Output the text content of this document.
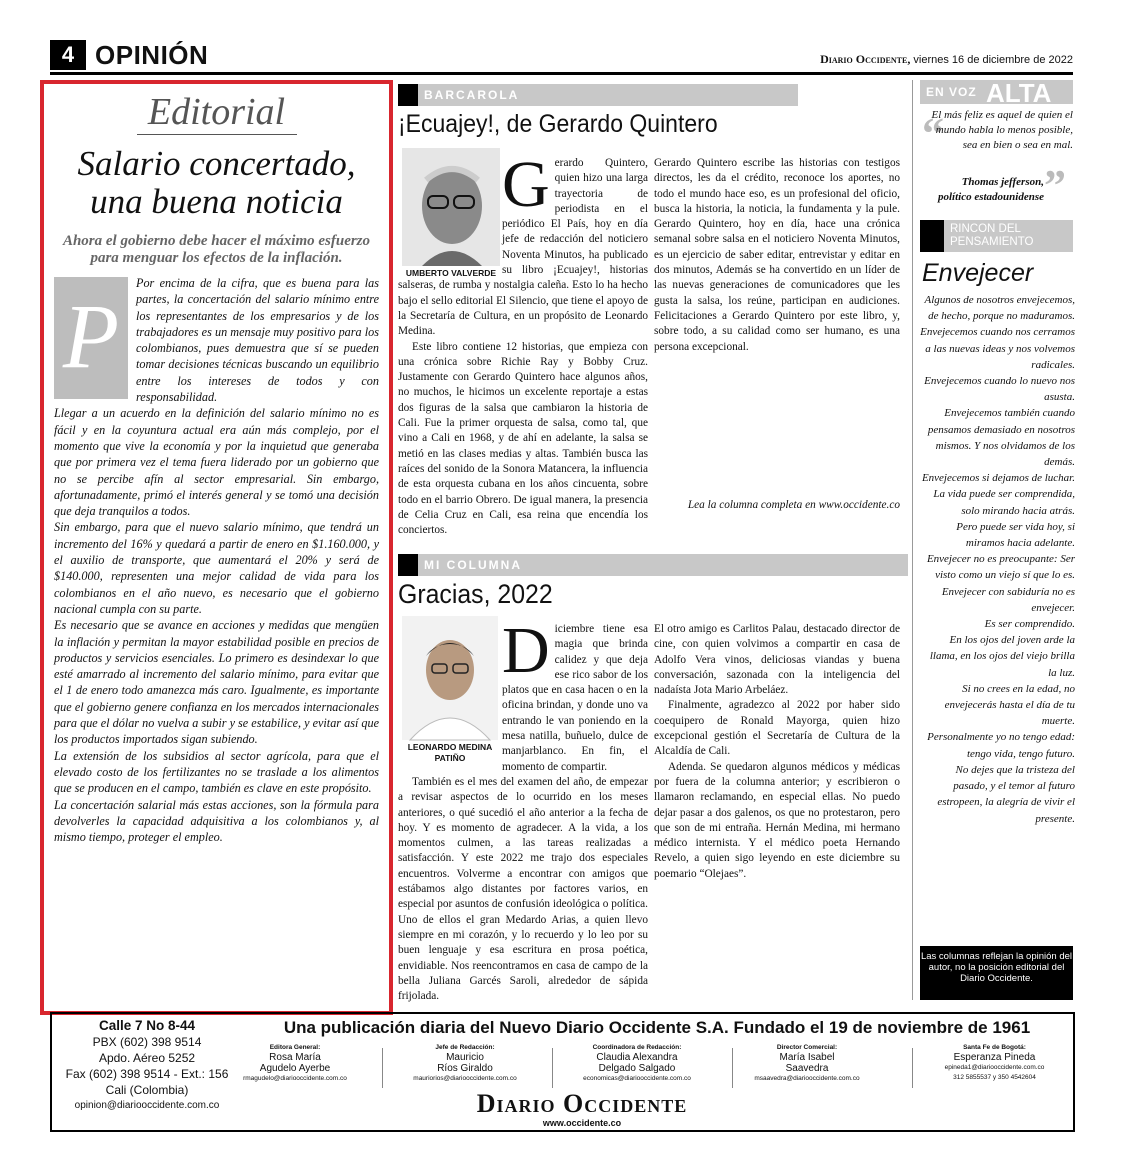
4 OPINIÓN	Diario Occidente, viernes 16 de diciembre de 2022
Editorial
Salario concertado, una buena noticia
Ahora el gobierno debe hacer el máximo esfuerzo para menguar los efectos de la inflación.
P

Por encima de la cifra, que es buena para las partes, la concertación del salario mínimo entre los representantes de los empresarios y de los trabajadores es un mensaje muy positivo para los colombianos, pues demuestra que sí se pueden tomar decisiones técnicas buscando un equilibrio entre los intereses de todos y con responsabilidad.

Llegar a un acuerdo en la definición del salario mínimo no es fácil y en la coyuntura actual era aún más complejo, por el momento que vive la economía y por la inquietud que generaba que por primera vez el tema fuera liderado por un gobierno que no se percibe afín al sector empresarial. Sin embargo, afortunadamente, primó el interés general y se tomó una decisión que deja tranquilos a todos.

Sin embargo, para que el nuevo salario mínimo, que tendrá un incremento del 16% y quedará a partir de enero en $1.160.000, y el auxilio de transporte, que aumentará el 20% y será de $140.000, representen una mejor calidad de vida para los colombianos en el año nuevo, es necesario que el gobierno nacional cumpla con su parte.

Es necesario que se avance en acciones y medidas que mengüen la inflación y permitan la mayor estabilidad posible en precios de productos y servicios esenciales. Lo primero es desindexar lo que esté amarrado al incremento del salario mínimo, para evitar que el 1 de enero todo amanezca más caro. Igualmente, es importante que el gobierno genere confianza en los mercados internacionales para que el dólar no vuelva a subir y se estabilice, y evitar así que los productos importados sigan subiendo.

La extensión de los subsidios al sector agrícola, para que el elevado costo de los fertilizantes no se traslade a los alimentos que se producen en el campo, también es clave en este propósito.

La concertación salarial más estas acciones, son la fórmula para devolverles la capacidad adquisitiva a los colombianos y, al mismo tiempo, proteger el empleo.

BARCAROLA
¡Ecuajey!, de Gerardo Quintero
UMBERTO VALVERDE
G erardo Quintero, quien hizo una larga trayectoria de periodista en el periódico El País, hoy en día jefe de redacción del noticiero Noventa Minutos, ha publicado su libro ¡Ecuajey!, historias salseras, de rumba y nostalgia caleña. Esto lo ha hecho bajo el sello editorial El Silencio, que tiene el apoyo de la Secretaría de Cultura, en un propósito de Leonardo Medina.

Este libro contiene 12 historias, que empieza con una crónica sobre Richie Ray y Bobby Cruz. Justamente con Gerardo Quintero hace algunos años, no muchos, le hicimos un excelente reportaje a estas dos figuras de la salsa que cambiaron la historia de Cali. Fue la primer orquesta de salsa, como tal, que vino a Cali en 1968, y de ahí en adelante, la salsa se metió en las clases medias y altas. También busca las raíces del sonido de la Sonora Matancera, la influencia de esta orquesta cubana en los años cincuenta, sobre todo en el barrio Obrero. De igual manera, la presencia de Celia Cruz en Cali, esa reina que encendía los conciertos.

Gerardo Quintero escribe las historias con testigos directos, les da el crédito, reconoce los aportes, no todo el mundo hace eso, es un profesional del oficio, busca la historia, la noticia, la fundamenta y la pule. Gerardo Quintero, hoy en día, hace una crónica semanal sobre salsa en el noticiero Noventa Minutos, es un ejercicio de saber editar, entrevistar y editar en dos minutos, Además se ha convertido en un líder de las nuevas generaciones de comunicadores que les gusta la salsa, los reúne, participan en audiciones. Felicitaciones a Gerardo Quintero por este libro, y, sobre todo, a su calidad como ser humano, es una persona excepcional.

Lea la columna completa en www.occidente.co
MI COLUMNA
Gracias, 2022
LEONARDO MEDINA PATIÑO
D iciembre tiene esa magia que brinda calidez y que deja ese rico sabor de los platos que en casa hacen o en la oficina brindan, y donde uno va entrando le van poniendo en la mesa natilla, buñuelo, dulce de manjarblanco. En fin, el momento de compartir.

También es el mes del examen del año, de empezar a revisar aspectos de lo ocurrido en los meses anteriores, o qué sucedió el año anterior a la fecha de hoy. Y es momento de agradecer. A la vida, a los momentos culmen, a las tareas realizadas a satisfacción. Y este 2022 me trajo dos especiales encuentros. Volverme a encontrar con amigos que estábamos algo distantes por factores varios, en especial por asuntos de confusión ideológica o política. Uno de ellos el gran Medardo Arias, a quien llevo siempre en mi corazón, y lo recuerdo y lo leo por su buen lenguaje y esa escritura en prosa poética, envidiable. Nos reencontramos en casa de campo de la bella Juliana Garcés Saroli, alrededor de sápida frijolada.

El otro amigo es Carlitos Palau, destacado director de cine, con quien volvimos a compartir en casa de Adolfo Vera vinos, deliciosas viandas y buena conversación, sazonada con la inteligencia del nadaísta Jota Mario Arbeláez.

Finalmente, agradezco al 2022 por haber sido coequipero de Ronald Mayorga, quien hizo excepcional gestión el Secretaría de Cultura de la Alcaldía de Cali.

Adenda. Se quedaron algunos médicos y médicas por fuera de la columna anterior; y escribieron o llamaron reclamando, en especial ellas. No puedo dejar pasar a dos galenos, os que no protestaron, pero que son de mi entraña. Hernán Medina, mi hermano médico internista. Y el médico poeta Hernando Revelo, a quien sigo leyendo en este diciembre su poemario “Olejaes”.

EN VOZ ALTA
“
El más feliz es aquel de quien el mundo habla lo menos posible, sea en bien o sea en mal.
Thomas jefferson, político estadounidense ”
RINCON DEL PENSAMIENTO
Envejecer

Algunos de nosotros envejecemos, de hecho, porque no maduramos.

Envejecemos cuando nos cerramos a las nuevas ideas y nos volvemos radicales.

Envejecemos cuando lo nuevo nos asusta.

Envejecemos también cuando pensamos demasiado en nosotros mismos. Y nos olvidamos de los demás.

Envejecemos si dejamos de luchar.

La vida puede ser comprendida, solo mirando hacia atrás.

Pero puede ser vida hoy, si miramos hacia adelante.

Envejecer no es preocupante: Ser visto como un viejo sí que lo es.

Envejecer con sabiduría no es envejecer.

Es ser comprendido.

En los ojos del joven arde la llama, en los ojos del viejo brilla la luz.

Si no crees en la edad, no envejecerás hasta el día de tu muerte.

Personalmente yo no tengo edad: tengo vida, tengo futuro.

No dejes que la tristeza del pasado, y el temor al futuro estropeen, la alegría de vivir el presente.

Las columnas reflejan la opinión del autor, no la posición editorial del Diario Occidente.
Calle 7 No 8-44
PBX (602) 398 9514
Apdo. Aéreo 5252
Fax (602) 398 9514 - Ext.: 156
Cali (Colombia)
opinion@diariooccidente.com.co
Una publicación diaria del Nuevo Diario Occidente S.A. Fundado el 19 de noviembre de 1961
Editora General:
Rosa María
Agudelo Ayerbe
rmagudelo@diariooccidente.com.co
Jefe de Redacción:
Mauricio
Ríos Giraldo
mauriorios@diariooccidente.com.co
Coordinadora de Redacción:
Claudia Alexandra
Delgado Salgado
economicas@diariooccidente.com.co
Director Comercial:
María Isabel
Saavedra
msaavedra@diariooccidente.com.co
Santa Fe de Bogotá:
Esperanza Pineda
epineda1@diariooccidente.com.co
312 5855537 y 350 4542604
Diario Occidente
www.occidente.co
